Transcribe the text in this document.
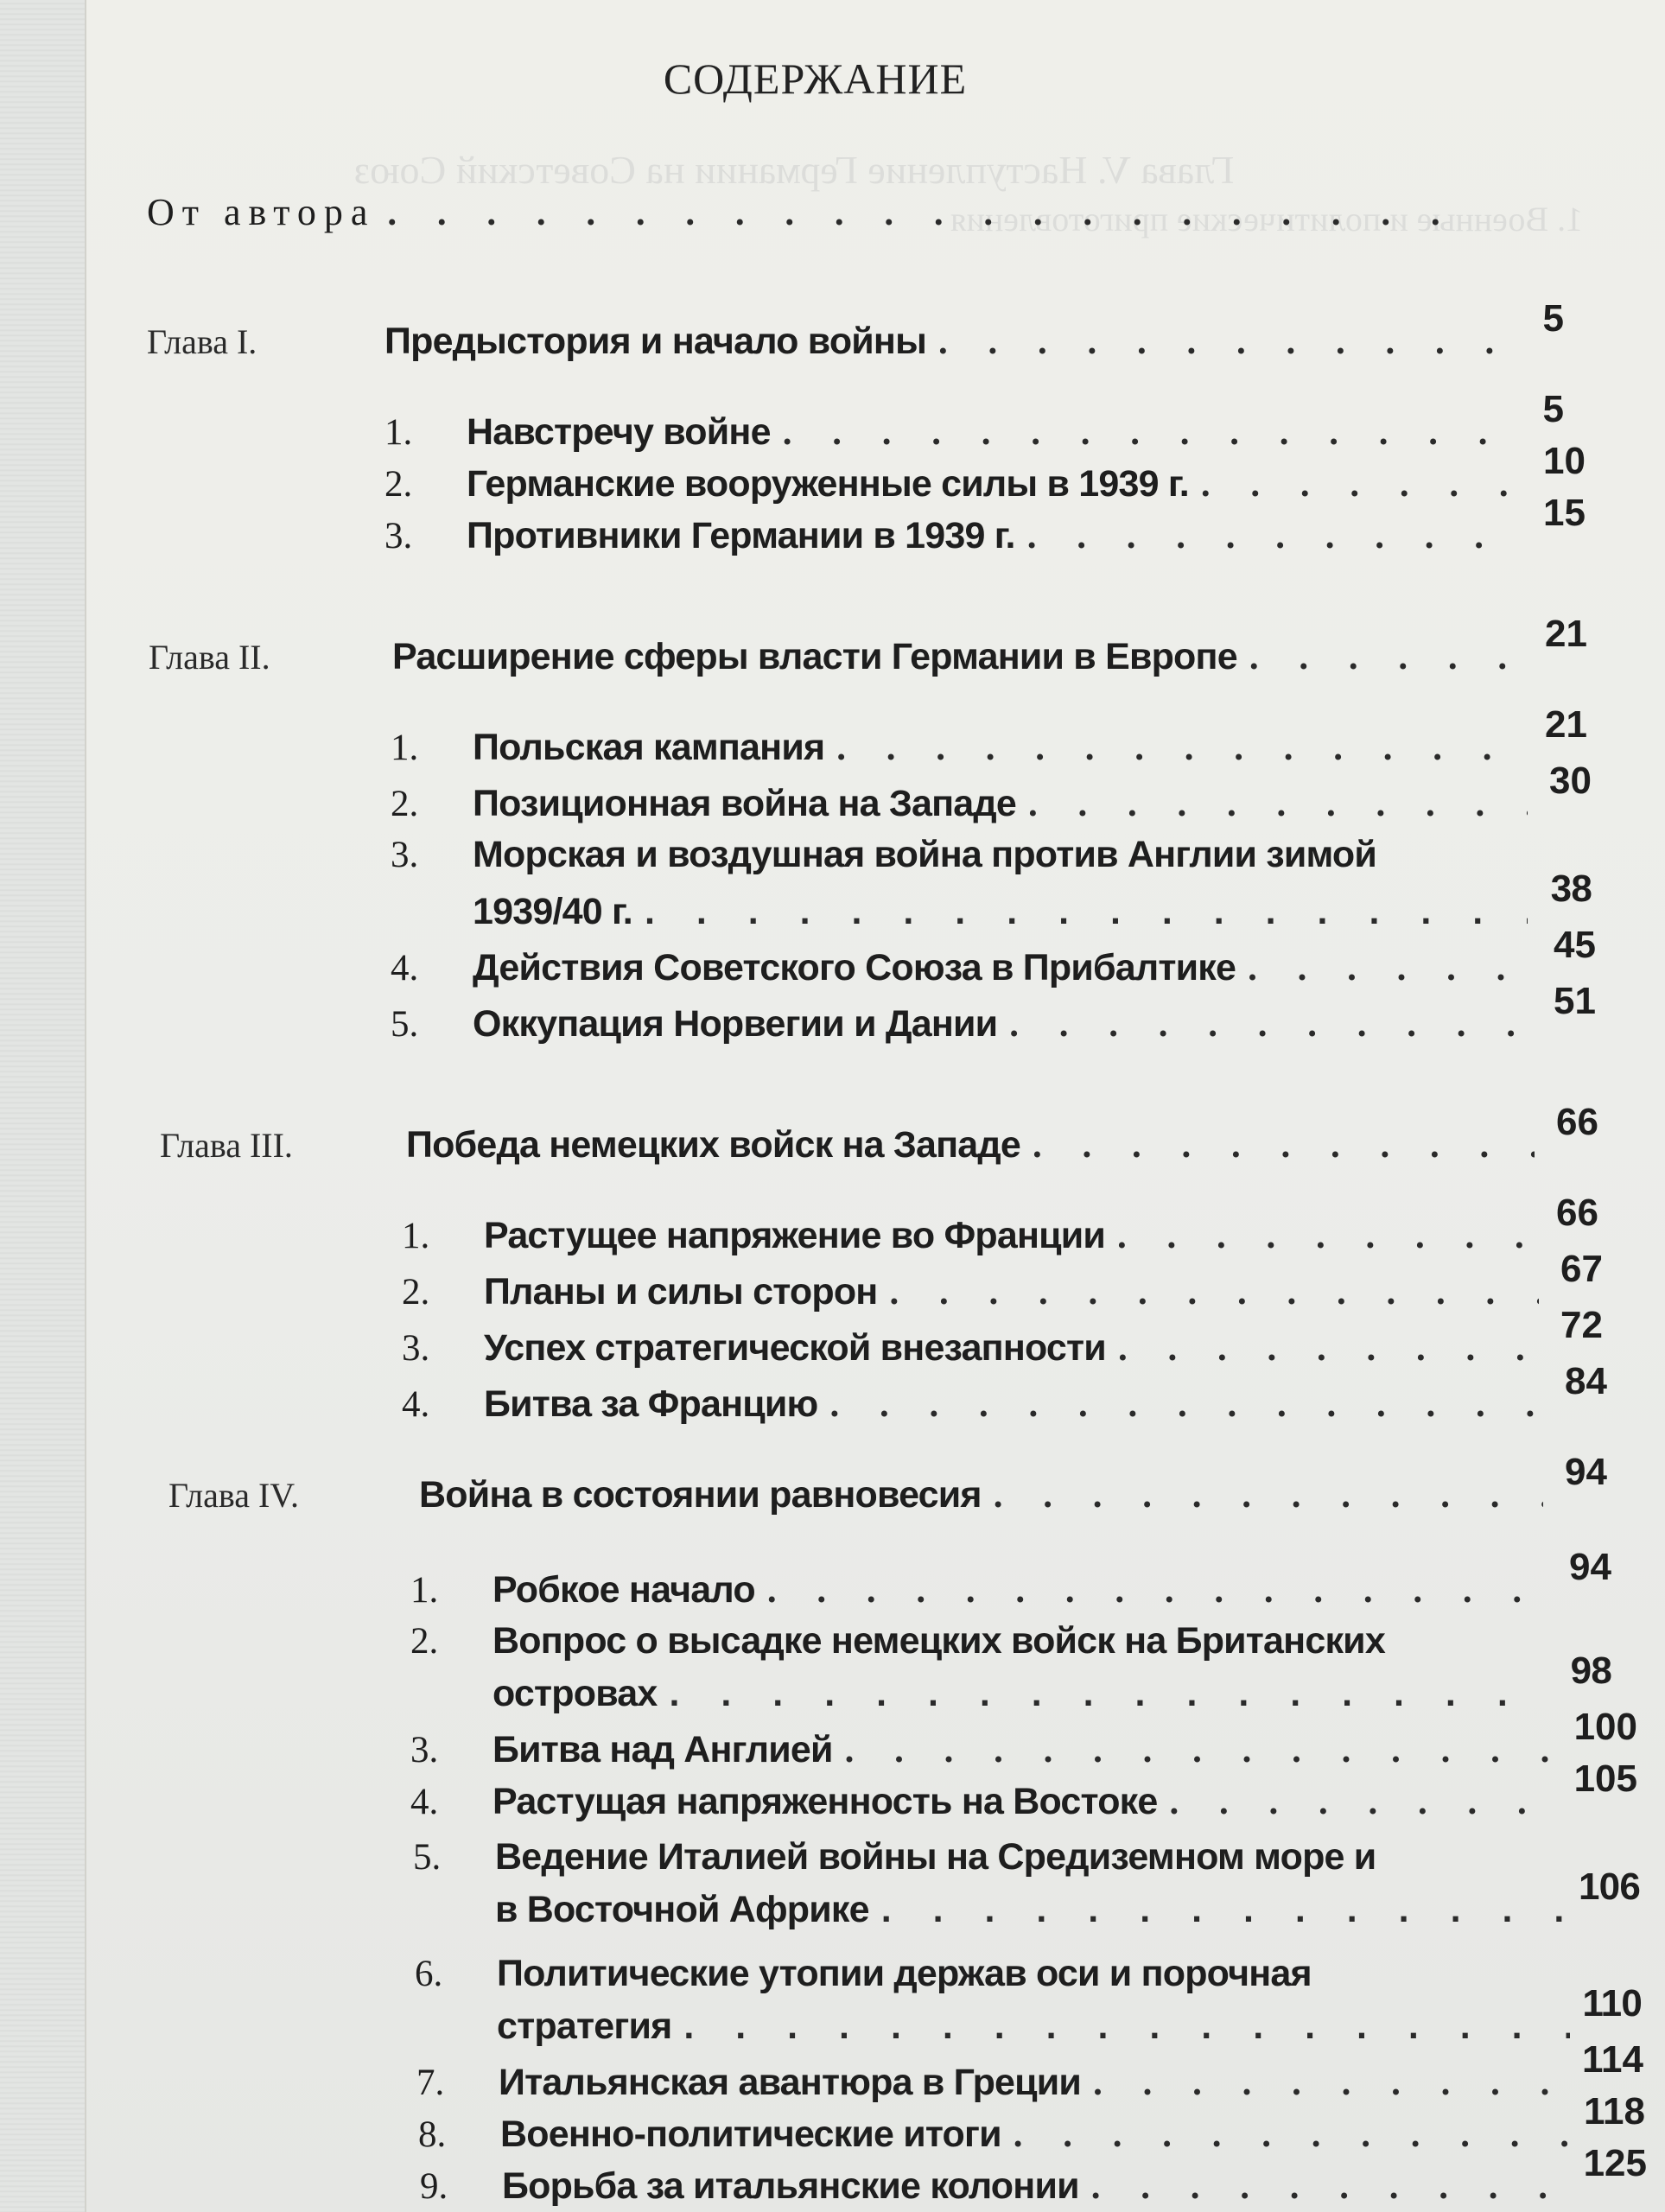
Глава V. Наступление Германии на Советский Союз
1. Военные и политические приготовления
СОДЕРЖАНИЕ
От автора
. . .
Глава I.	Предыстория и начало войны
. . .
5
1.	Навстречу войне
. . .
5
2.	Германские вооруженные силы в 1939 г.
. . .
10
3.	Противники Германии в 1939 г.
. . .
15
Глава II.	Расширение сферы власти Германии в Европе
. . .
21
1.	Польская кампания
. . .
21
2.	Позиционная война на Западе
. . .
30
3.	Морская и воздушная война против Англии зимой
1939/40 г.
. . .
38
4.	Действия Советского Союза в Прибалтике
. . .
45
5.	Оккупация Норвегии и Дании
. . .
51
Глава III.	Победа немецких войск на Западе
. . .
66
1.	Растущее напряжение во Франции
. . .
66
2.	Планы и силы сторон
. . .
67
3.	Успех стратегической внезапности
. . .
72
4.	Битва за Францию
. . .
84
Глава IV.	Война в состоянии равновесия
. . .
94
1.	Робкое начало
. . .
94
2.	Вопрос о высадке немецких войск на Британских
островах
. . .
98
3.	Битва над Англией
. . .
100
4.	Растущая напряженность на Востоке
. . .
105
5.	Ведение Италией войны на Средиземном море и
в Восточной Африке
. . .
106
6.	Политические утопии держав оси и порочная
стратегия
. . .
110
7.	Итальянская авантюра в Греции
. . .
114
8.	Военно-политические итоги
. . .
118
9.	Борьба за итальянские колонии
. . .
125
